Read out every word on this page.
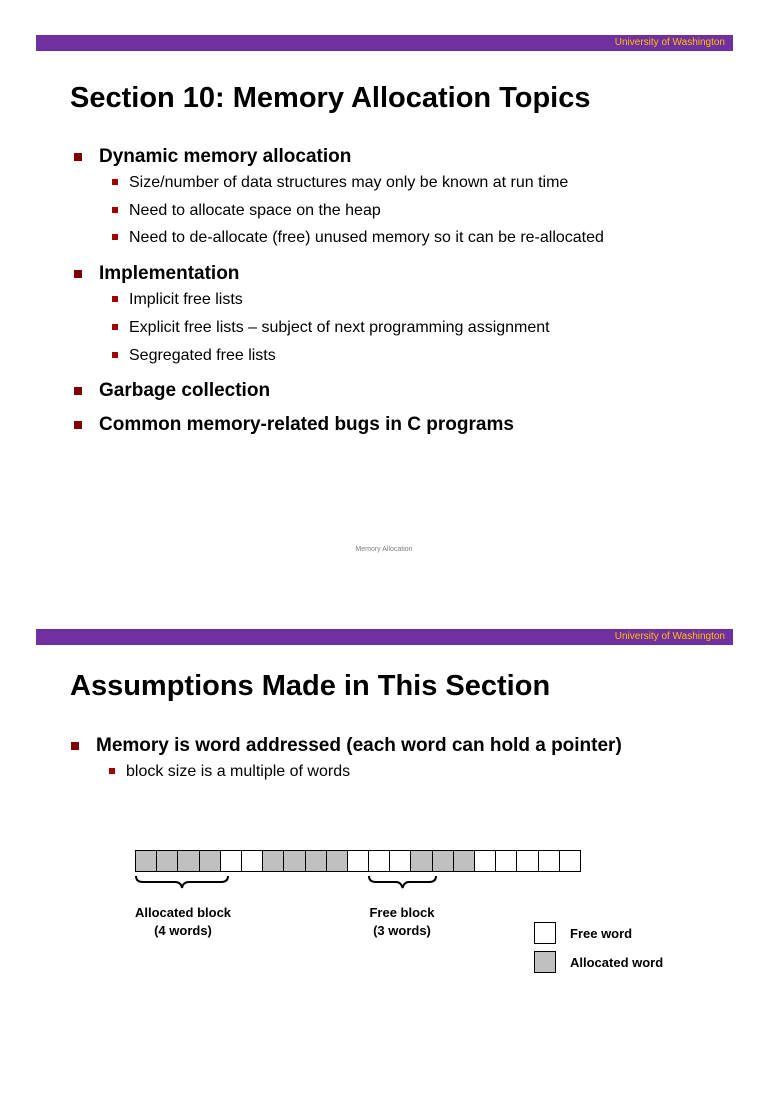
University of Washington
Section 10: Memory Allocation Topics
Dynamic memory allocation
Size/number of data structures may only be known at run time
Need to allocate space on the heap
Need to de-allocate (free) unused memory so it can be re-allocated
Implementation
Implicit free lists
Explicit free lists – subject of next programming assignment
Segregated free lists
Garbage collection
Common memory-related bugs in C programs
Memory Allocation
University of Washington
Assumptions Made in This Section
Memory is word addressed (each word can hold a pointer)
block size is a multiple of words
Allocated block
(4 words)
Free block
(3 words)	Free word
Allocated word
